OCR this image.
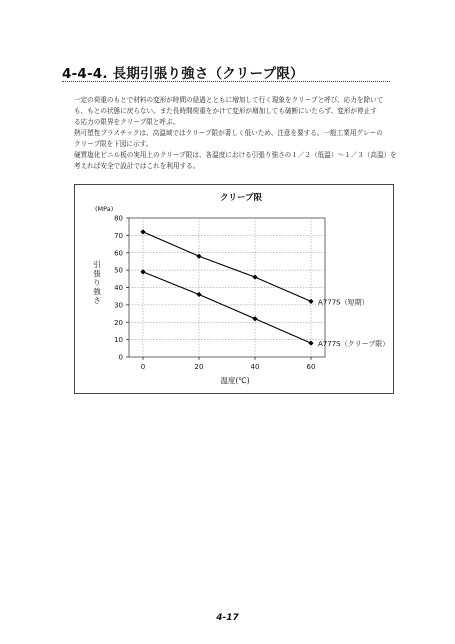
4-4-4. 長期引張り強さ（クリープ限）

一定の荷重のもとで材料の変形が時間の経過とともに増加して行く現象をクリープと呼び、応力を除いて
も、もとの状態に戻らない。また長時間荷重をかけて変形が増加しても破断にいたらず、変形が停止す
る応力の限界をクリープ限と呼ぶ。

熱可塑性プラスチックは、高温域ではクリープ限が著しく低いため、注意を要する。一般工業用グレーの
クリープ限を下図に示す。

硬質塩化ビニル板の実用上のクリープ限は、各温度における引張り強さの１／２（低温）～１／３（高温）を
考えれば安全で設計ではこれを利用する。

クリープ限
(MPa)
引張り強さ
温度(℃)
0
10
20
30
40
50
60
70
80
0	20	40	60
A777S（短期）
A777S（クリープ限）
4-17
